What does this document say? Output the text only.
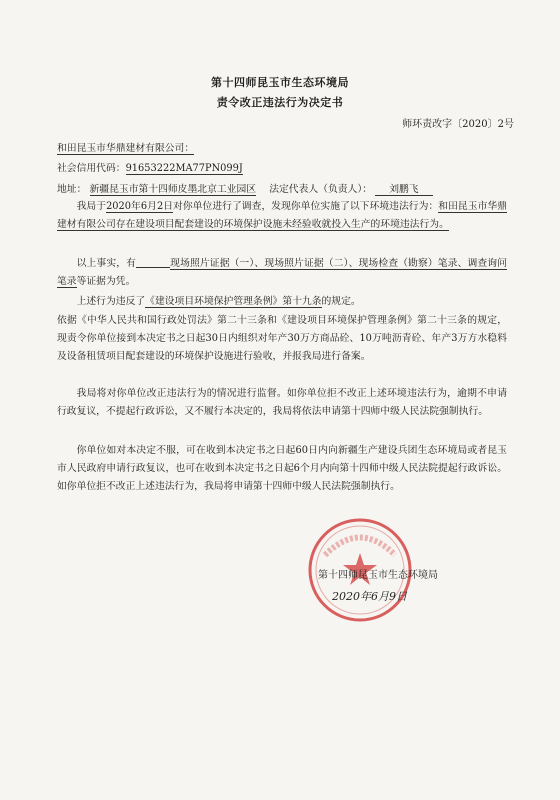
第十四师昆玉市生态环境局
责令改正违法行为决定书
师环责改字〔2020〕2号
和田昆玉市华鼎建材有限公司：
社会信用代码：91653222MA77PN099J
地址： 新疆昆玉市第十四师皮墨北京工业园区 法定代表人（负责人）： 刘鹏飞
我局于2020年6月2日对你单位进行了调查，发现你单位实施了以下环境违法行为：和田昆玉市华鼎建材有限公司存在建设项目配套建设的环境保护设施未经验收就投入生产的环境违法行为。
以上事实，有	现场照片证据（一）、现场照片证据（二）、现场检查（勘察）笔录、调查询问笔录等证据为凭。
上述行为违反了《建设项目环境保护管理条例》第十九条的规定。
依据《中华人民共和国行政处罚法》第二十三条和《建设项目环境保护管理条例》第二十三条的规定，现责令你单位接到本决定书之日起30日内组织对年产30万方商品砼、10万吨沥青砼、年产3万方水稳料及设备租赁项目配套建设的环境保护设施进行验收，并报我局进行备案。
我局将对你单位改正违法行为的情况进行监督。如你单位拒不改正上述环境违法行为，逾期不申请行政复议，不提起行政诉讼，又不履行本决定的，我局将依法申请第十四师中级人民法院强制执行。
你单位如对本决定不服，可在收到本决定书之日起60日内向新疆生产建设兵团生态环境局或者昆玉市人民政府申请行政复议，也可在收到本决定书之日起6个月内向第十四师中级人民法院提起行政诉讼。如你单位拒不改正上述违法行为，我局将申请第十四师中级人民法院强制执行。
第十四师昆玉市生态环境局
2020年6月9日
